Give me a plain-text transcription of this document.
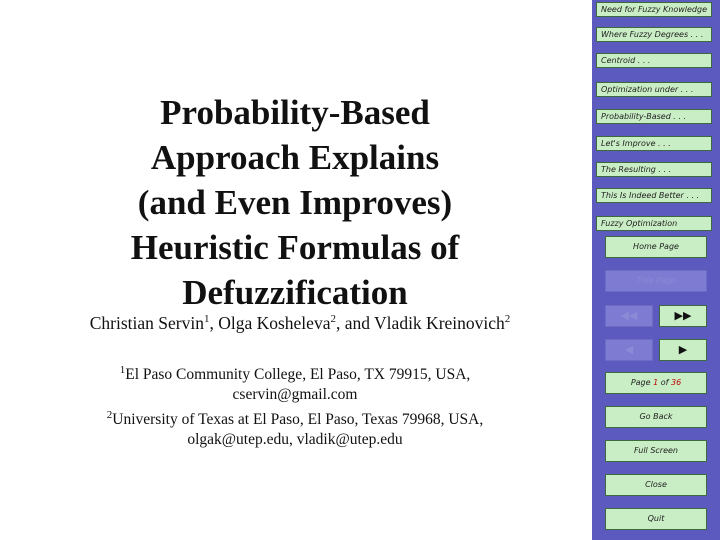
Probability-Based
Approach Explains
(and Even Improves)
Heuristic Formulas of
Defuzzification
Christian Servin$^1$, Olga Kosheleva$^2$, and Vladik Kreinovich$^2$
$^1$El Paso Community College, El Paso, TX 79915, USA,
cservin@gmail.com
$^2$University of Texas at El Paso, El Paso, Texas 79968, USA,
olgak@utep.edu, vladik@utep.edu
Need for Fuzzy Knowledge
Where Fuzzy Degrees . . .
Centroid . . .
Optimization under . . .
Probability-Based . . .
Let's Improve . . .
The Resulting . . .
This Is Indeed Better . . .
Fuzzy Optimization
Home Page
Title Page
◀◀	▶▶
◀	▶
Page 1 of 36
Go Back
Full Screen
Close
Quit
